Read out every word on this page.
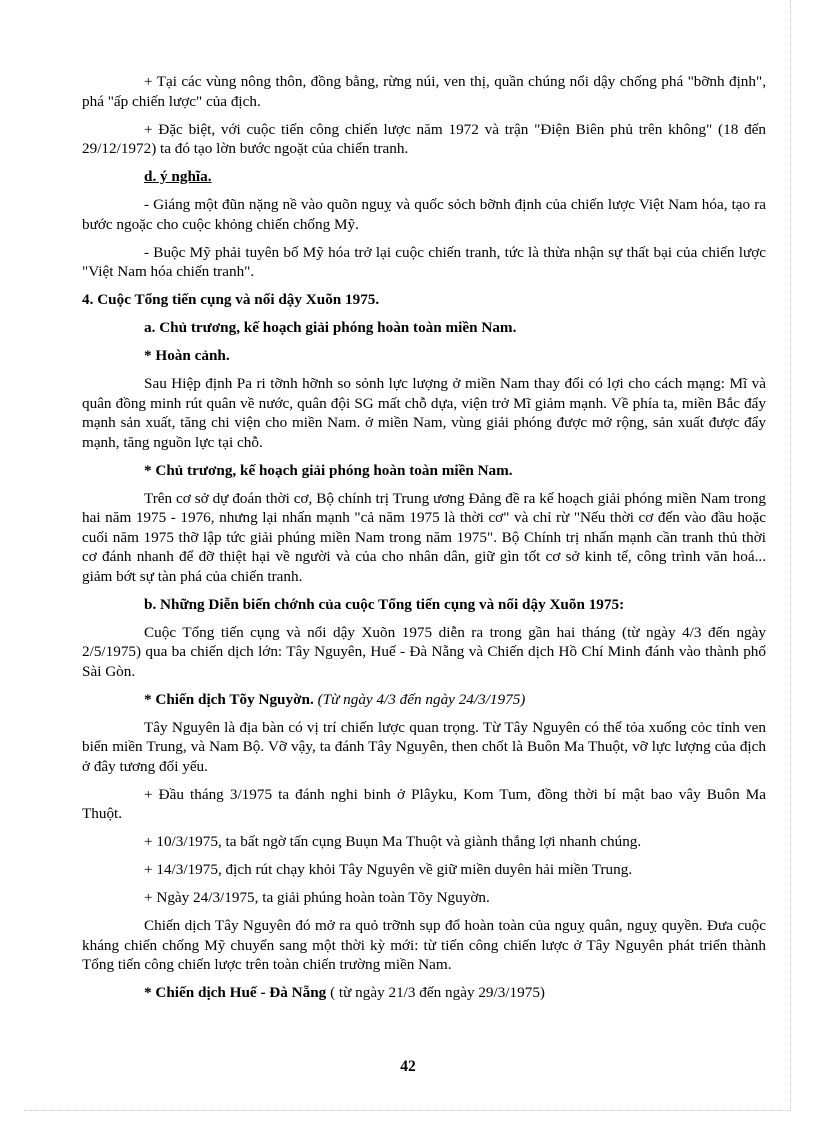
+ Tại các vùng nông thôn, đồng bằng, rừng núi, ven thị, quần chúng nổi dậy chống phá "bỡnh định", phá "ấp chiến lược" của địch.

+ Đặc biệt, với cuộc tiến công chiến lược năm 1972 và trận "Điện Biên phủ trên không" (18 đến 29/12/1972) ta đó tạo lờn bước ngoặt của chiến tranh.

d. ý nghĩa.

- Giáng một đũn nặng nề vào quõn nguỵ và quốc sỏch bỡnh định của chiến lược Việt Nam hóa, tạo ra bước ngoặc cho cuộc khỏng chiến chống Mỹ.

- Buộc Mỹ phải tuyên bố Mỹ hóa trở lại cuộc chiến tranh, tức là thừa nhận sự thất bại của chiến lược "Việt Nam hóa chiến tranh".

4. Cuộc Tổng tiến cụng và nổi dậy Xuõn 1975.

a. Chủ trương, kế hoạch giải phóng hoàn toàn miền Nam.

* Hoàn cảnh.

Sau Hiệp định Pa ri tỡnh hỡnh so sỏnh lực lượng ở miền Nam thay đổi có lợi cho cách mạng: Mĩ và quân đồng minh rút quân về nước, quân đội SG mất chỗ dựa, viện trở Mĩ giảm mạnh. Về phía ta, miền Bắc đẩy mạnh sản xuất, tăng chi viện cho miền Nam. ở miền Nam, vùng giải phóng được mở rộng, sản xuất được đẩy mạnh, tăng nguồn lực tại chỗ.

* Chủ trương, kế hoạch giải phóng hoàn toàn miền Nam.

Trên cơ sở dự đoán thời cơ, Bộ chính trị Trung ương Đảng đề ra kế hoạch giải phóng miền Nam trong hai năm 1975 - 1976, nhưng lại nhấn mạnh "cả năm 1975 là thời cơ" và chỉ rừ "Nếu thời cơ đến vào đầu hoặc cuối năm 1975 thỡ lập tức giải phúng miền Nam trong năm 1975". Bộ Chính trị nhấn mạnh cần tranh thủ thời cơ đánh nhanh để đỡ thiệt hại về người và của cho nhân dân, giữ gìn tốt cơ sở kinh tế, công trình văn hoá... giảm bớt sự tàn phá của chiến tranh.

b. Những Diễn biến chớnh của cuộc Tổng tiến cụng và nổi dậy Xuõn 1975:

Cuộc Tổng tiến cụng và nổi dậy Xuõn 1975 diễn ra trong gần hai tháng (từ ngày 4/3 đến ngày 2/5/1975) qua ba chiến dịch lớn: Tây Nguyên, Huế - Đà Nẵng và Chiến dịch Hồ Chí Minh đánh vào thành phố Sài Gòn.

* Chiến dịch Tõy Nguyờn. (Từ ngày 4/3 đến ngày 24/3/1975)

Tây Nguyên là địa bàn có vị trí chiến lược quan trọng. Từ Tây Nguyên có thể tỏa xuống cỏc tỉnh ven biển miền Trung, và Nam Bộ. Vỡ vậy, ta đánh Tây Nguyên, then chốt là Buôn Ma Thuột, vỡ lực lượng của địch ở đây tương đối yếu.

+ Đầu tháng 3/1975 ta đánh nghi binh ở Plâyku, Kom Tum, đồng thời bí mật bao vây Buôn Ma Thuột.

+ 10/3/1975, ta bất ngờ tấn cụng Buụn Ma Thuột và giành thắng lợi nhanh chúng.

+ 14/3/1975, địch rút chạy khỏi Tây Nguyên về giữ miền duyên hải miền Trung.

+ Ngày 24/3/1975, ta giải phúng hoàn toàn Tõy Nguyờn.

Chiến dịch Tây Nguyên đó mở ra quỏ trỡnh sụp đổ hoàn toàn của nguỵ quân, nguỵ quyền. Đưa cuộc kháng chiến chống Mỹ chuyển sang một thời kỳ mới: từ tiến công chiến lược ở Tây Nguyên phát triển thành Tổng tiến công chiến lược trên toàn chiến trường miền Nam.

* Chiến dịch Huế - Đà Nẵng ( từ ngày 21/3 đến ngày 29/3/1975)

42
